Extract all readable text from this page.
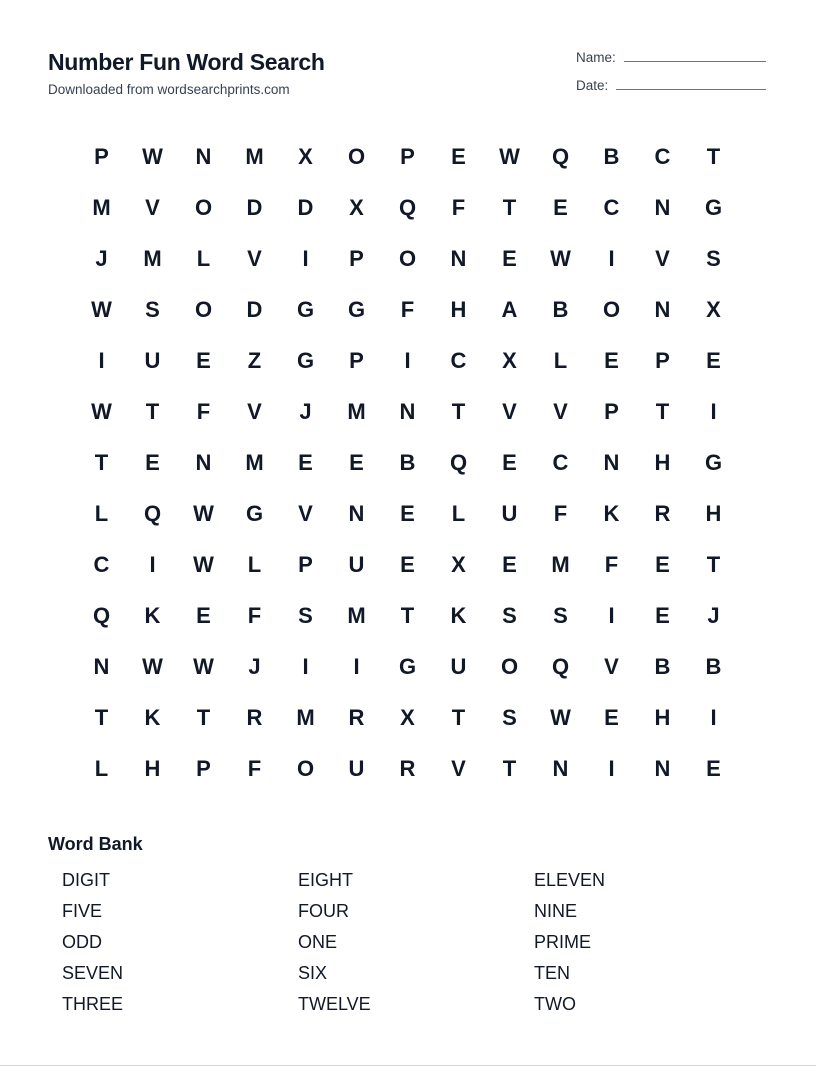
Number Fun Word Search
Downloaded from wordsearchprints.com
Name:
Date:
P	W	N	M	X	O	P	E	W	Q	B	C	T
M	V	O	D	D	X	Q	F	T	E	C	N	G
J	M	L	V	I	P	O	N	E	W	I	V	S
W	S	O	D	G	G	F	H	A	B	O	N	X
I	U	E	Z	G	P	I	C	X	L	E	P	E
W	T	F	V	J	M	N	T	V	V	P	T	I
T	E	N	M	E	E	B	Q	E	C	N	H	G
L	Q	W	G	V	N	E	L	U	F	K	R	H
C	I	W	L	P	U	E	X	E	M	F	E	T
Q	K	E	F	S	M	T	K	S	S	I	E	J
N	W	W	J	I	I	G	U	O	Q	V	B	B
T	K	T	R	M	R	X	T	S	W	E	H	I
L	H	P	F	O	U	R	V	T	N	I	N	E
Word Bank
DIGIT	EIGHT	ELEVEN
FIVE	FOUR	NINE
ODD	ONE	PRIME
SEVEN	SIX	TEN
THREE	TWELVE	TWO
